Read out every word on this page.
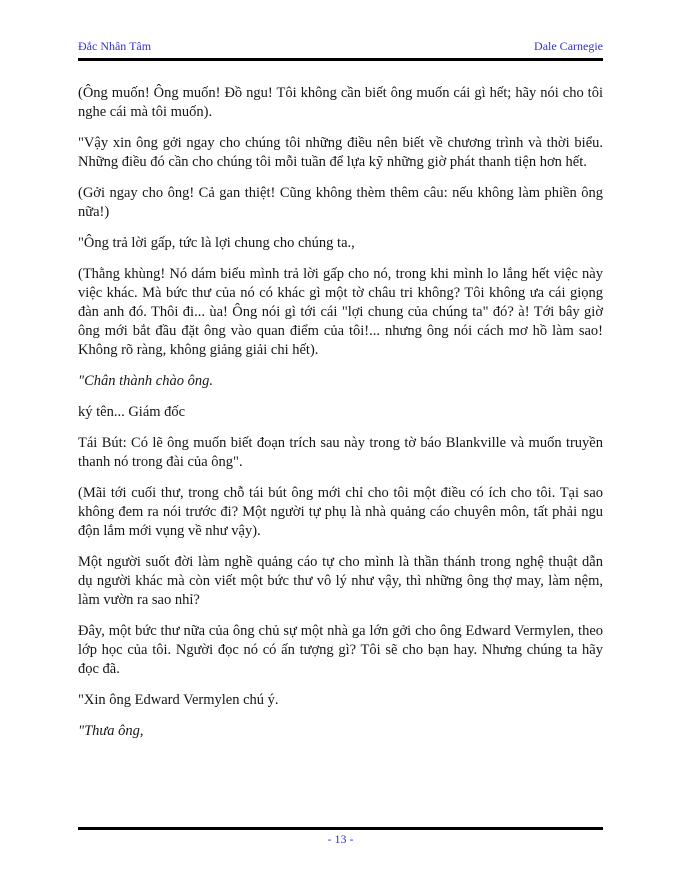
Đắc Nhân Tâm	Dale Carnegie

(Ông muốn! Ông muốn! Đồ ngu! Tôi không cần biết ông muốn cái gì hết; hãy nói cho tôi nghe cái mà tôi muốn).

"Vậy xin ông gởi ngay cho chúng tôi những điều nên biết về chương trình và thời biểu. Những điều đó cần cho chúng tôi mỗi tuần để lựa kỹ những giờ phát thanh tiện hơn hết.

(Gởi ngay cho ông! Cả gan thiệt! Cũng không thèm thêm câu: nếu không làm phiền ông nữa!)

"Ông trả lời gấp, tức là lợi chung cho chúng ta.,

(Thằng khùng! Nó dám biểu mình trả lời gấp cho nó, trong khi mình lo lắng hết việc này việc khác. Mà bức thư của nó có khác gì một tờ châu tri không? Tôi không ưa cái giọng đàn anh đó. Thôi đi... ùa! Ông nói gì tới cái "lợi chung của chúng ta" đó? à! Tới bây giờ ông mới bắt đầu đặt ông vào quan điểm của tôi!... nhưng ông nói cách mơ hồ làm sao! Không rõ ràng, không giảng giải chi hết).

"Chân thành chào ông.

ký tên... Giám đốc

Tái Bút: Có lẽ ông muốn biết đoạn trích sau này trong tờ báo Blankville và muốn truyền thanh nó trong đài của ông".

(Mãi tới cuối thư, trong chỗ tái bút ông mới chỉ cho tôi một điều có ích cho tôi. Tại sao không đem ra nói trước đi? Một người tự phụ là nhà quảng cáo chuyên môn, tất phải ngu độn lắm mới vụng về như vậy).

Một người suốt đời làm nghề quảng cáo tự cho mình là thần thánh trong nghệ thuật dẫn dụ người khác mà còn viết một bức thư vô lý như vậy, thì những ông thợ may, làm nệm, làm vườn ra sao nhỉ?

Đây, một bức thư nữa của ông chủ sự một nhà ga lớn gởi cho ông Edward Vermylen, theo lớp học của tôi. Người đọc nó có ấn tượng gì? Tôi sẽ cho bạn hay. Nhưng chúng ta hãy đọc đã.

"Xin ông Edward Vermylen chú ý.

"Thưa ông,

- 13 -
